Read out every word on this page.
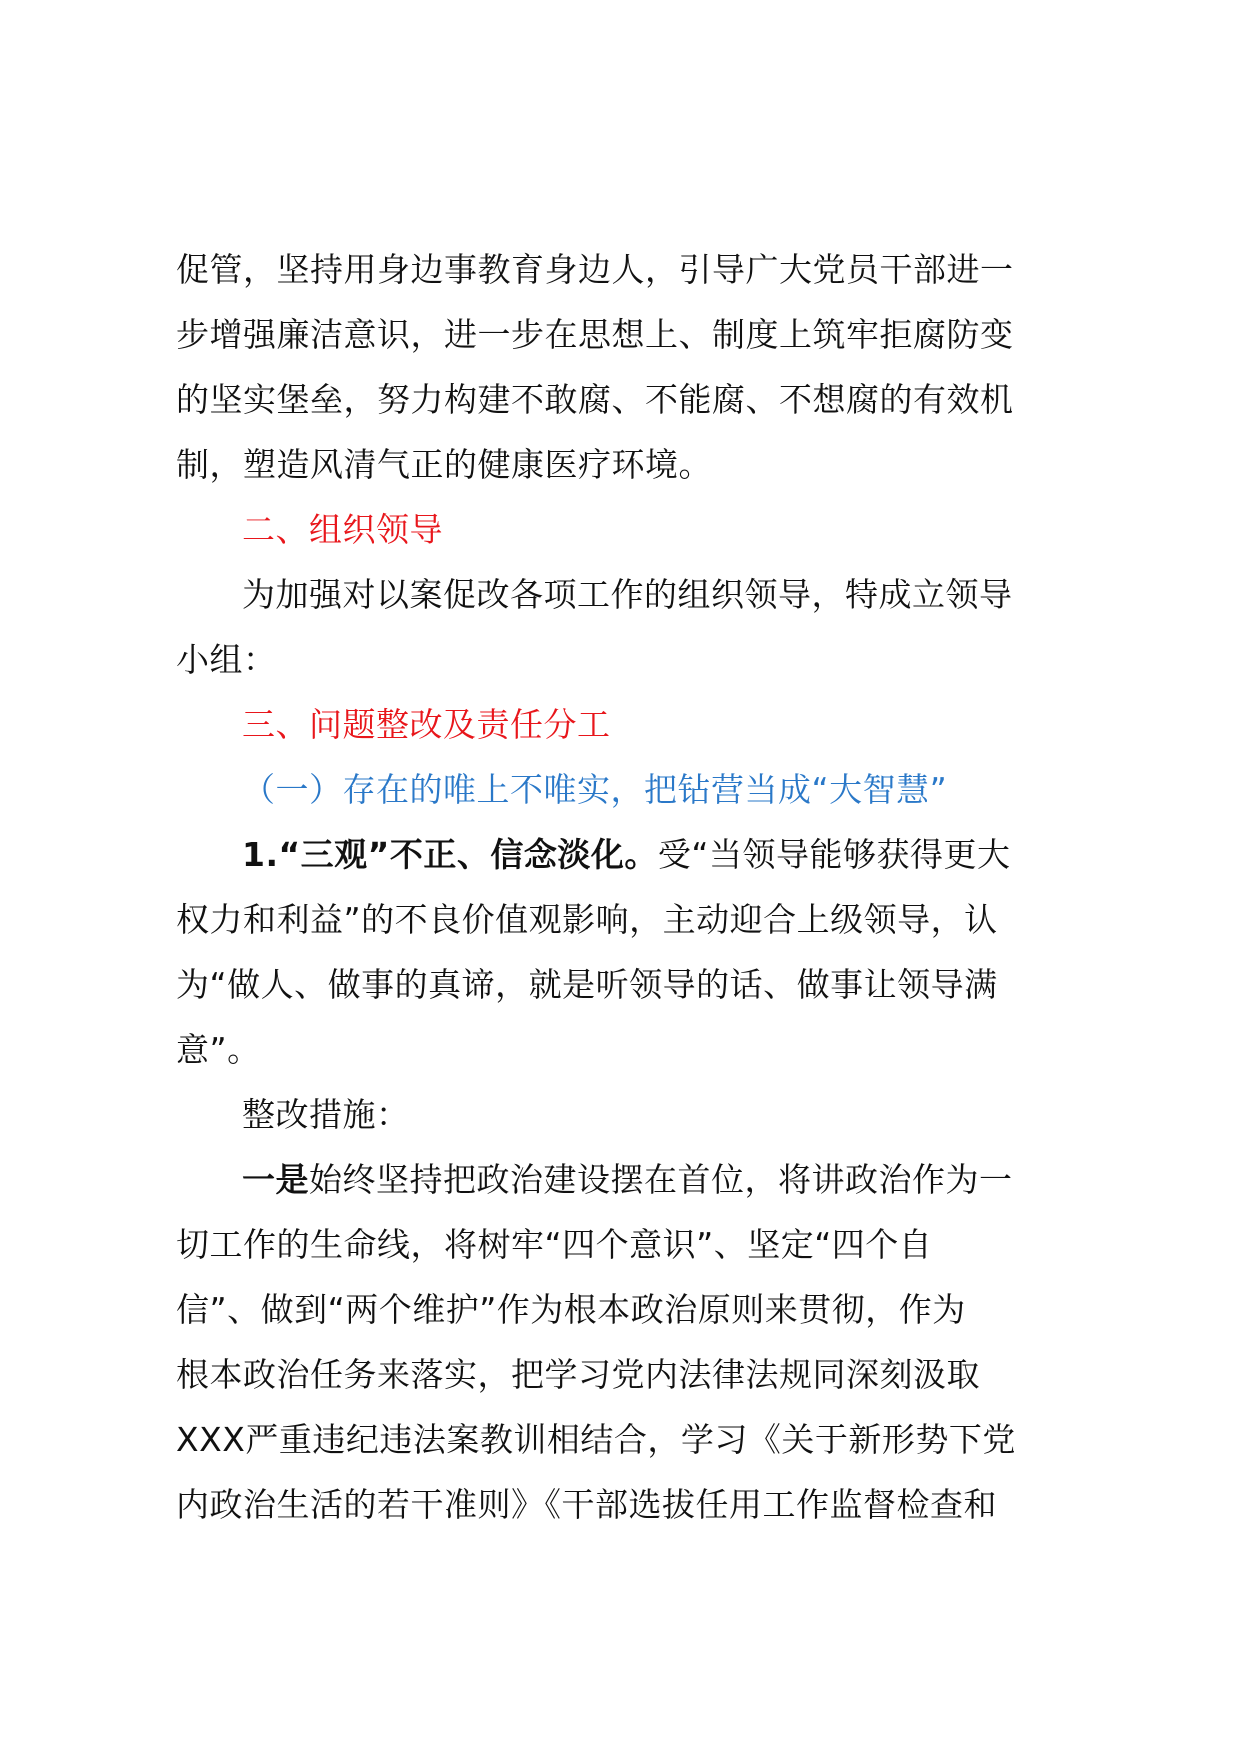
促管，坚持用身边事教育身边人，引导广大党员干部进一
步增强廉洁意识，进一步在思想上、制度上筑牢拒腐防变
的坚实堡垒，努力构建不敢腐、不能腐、不想腐的有效机
制，塑造风清气正的健康医疗环境。
二、组织领导
为加强对以案促改各项工作的组织领导，特成立领导
小组：
三、问题整改及责任分工
（一）存在的唯上不唯实，把钻营当成“大智慧”
1.“三观”不正、信念淡化。受“当领导能够获得更大
权力和利益”的不良价值观影响，主动迎合上级领导，认
为“做人、做事的真谛，就是听领导的话、做事让领导满
意”。
整改措施：
一是始终坚持把政治建设摆在首位，将讲政治作为一
切工作的生命线，将树牢“四个意识”、坚定“四个自
信”、做到“两个维护”作为根本政治原则来贯彻，作为
根本政治任务来落实，把学习党内法律法规同深刻汲取
XXX严重违纪违法案教训相结合，学习《关于新形势下党
内政治生活的若干准则》《干部选拔任用工作监督检查和
